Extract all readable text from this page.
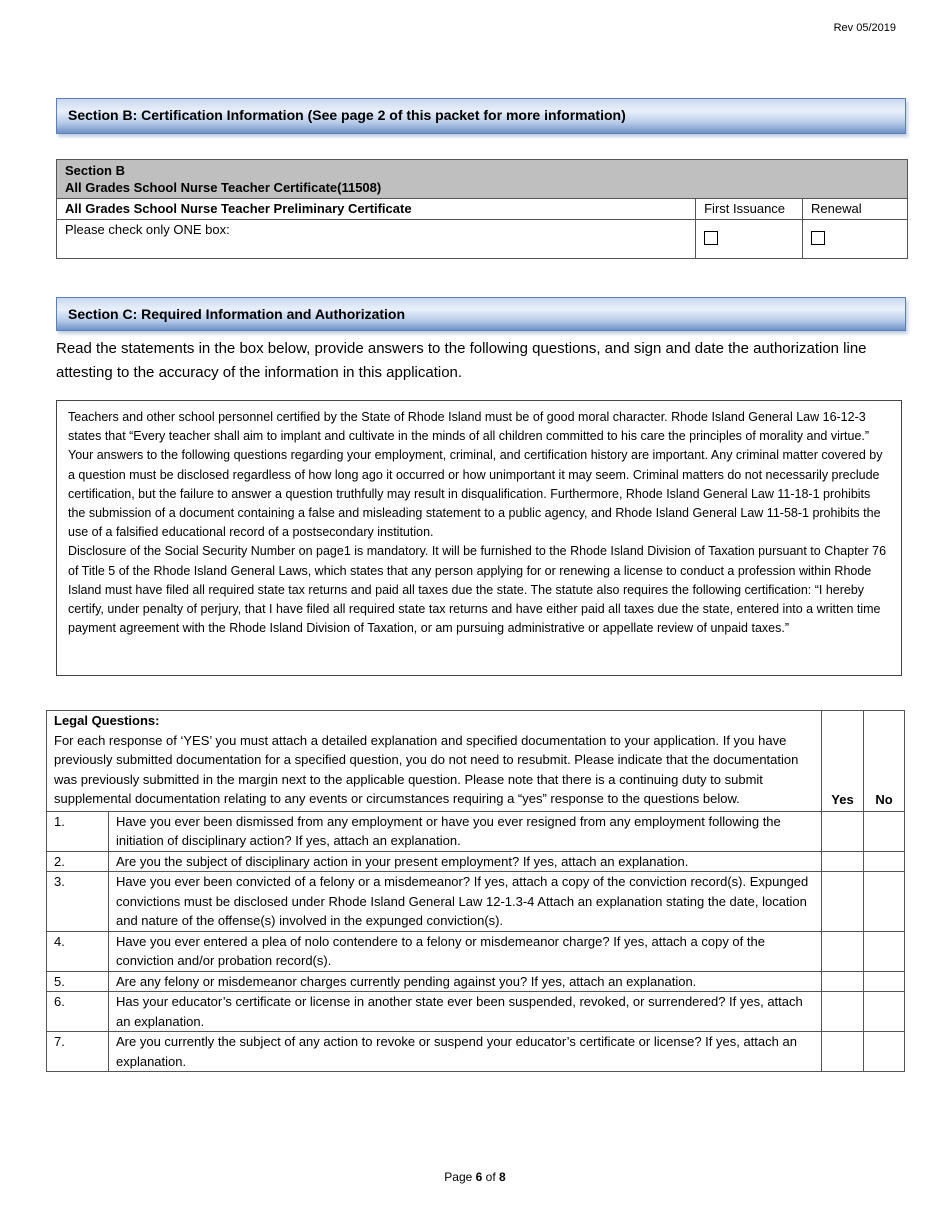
Rev 05/2019
Section B: Certification Information (See page 2 of this packet for more information)
Section B
All Grades School Nurse Teacher Certificate(11508)		

All Grades School Nurse Teacher Preliminary Certificate	First Issuance	Renewal
Please check only ONE box:		
Section C: Required Information and Authorization
Read the statements in the box below, provide answers to the following questions, and sign and date the authorization line attesting to the accuracy of the information in this application.

Teachers and other school personnel certified by the State of Rhode Island must be of good moral character. Rhode Island General Law 16-12-3 states that “Every teacher shall aim to implant and cultivate in the minds of all children committed to his care the principles of morality and virtue.” Your answers to the following questions regarding your employment, criminal, and certification history are important. Any criminal matter covered by a question must be disclosed regardless of how long ago it occurred or how unimportant it may seem. Criminal matters do not necessarily preclude certification, but the failure to answer a question truthfully may result in disqualification. Furthermore, Rhode Island General Law 11-18-1 prohibits the submission of a document containing a false and misleading statement to a public agency, and Rhode Island General Law 11-58-1 prohibits the use of a falsified educational record of a postsecondary institution.

Disclosure of the Social Security Number on page1 is mandatory. It will be furnished to the Rhode Island Division of Taxation pursuant to Chapter 76 of Title 5 of the Rhode Island General Laws, which states that any person applying for or renewing a license to conduct a profession within Rhode Island must have filed all required state tax returns and paid all taxes due the state. The statute also requires the following certification: “I hereby certify, under penalty of perjury, that I have filed all required state tax returns and have either paid all taxes due the state, entered into a written time payment agreement with the Rhode Island Division of Taxation, or am pursuing administrative or appellate review of unpaid taxes.”

Legal Questions:
For each response of ‘YES’ you must attach a detailed explanation and specified documentation to your application. If you have previously submitted documentation for a specified question, you do not need to resubmit. Please indicate that the documentation was previously submitted in the margin next to the applicable question. Please note that there is a continuing duty to submit supplemental documentation relating to any events or circumstances requiring a “yes” response to the questions below.		Yes	No
1.	Have you ever been dismissed from any employment or have you ever resigned from any employment following the initiation of disciplinary action? If yes, attach an explanation.		
2.	Are you the subject of disciplinary action in your present employment? If yes, attach an explanation.		
3.	Have you ever been convicted of a felony or a misdemeanor? If yes, attach a copy of the conviction record(s). Expunged convictions must be disclosed under Rhode Island General Law 12-1.3-4 Attach an explanation stating the date, location and nature of the offense(s) involved in the expunged conviction(s).		
4.	Have you ever entered a plea of nolo contendere to a felony or misdemeanor charge? If yes, attach a copy of the conviction and/or probation record(s).		
5.	Are any felony or misdemeanor charges currently pending against you? If yes, attach an explanation.		
6.	Has your educator’s certificate or license in another state ever been suspended, revoked, or surrendered? If yes, attach an explanation.		
7.	Are you currently the subject of any action to revoke or suspend your educator’s certificate or license? If yes, attach an explanation.		
Page 6 of 8
